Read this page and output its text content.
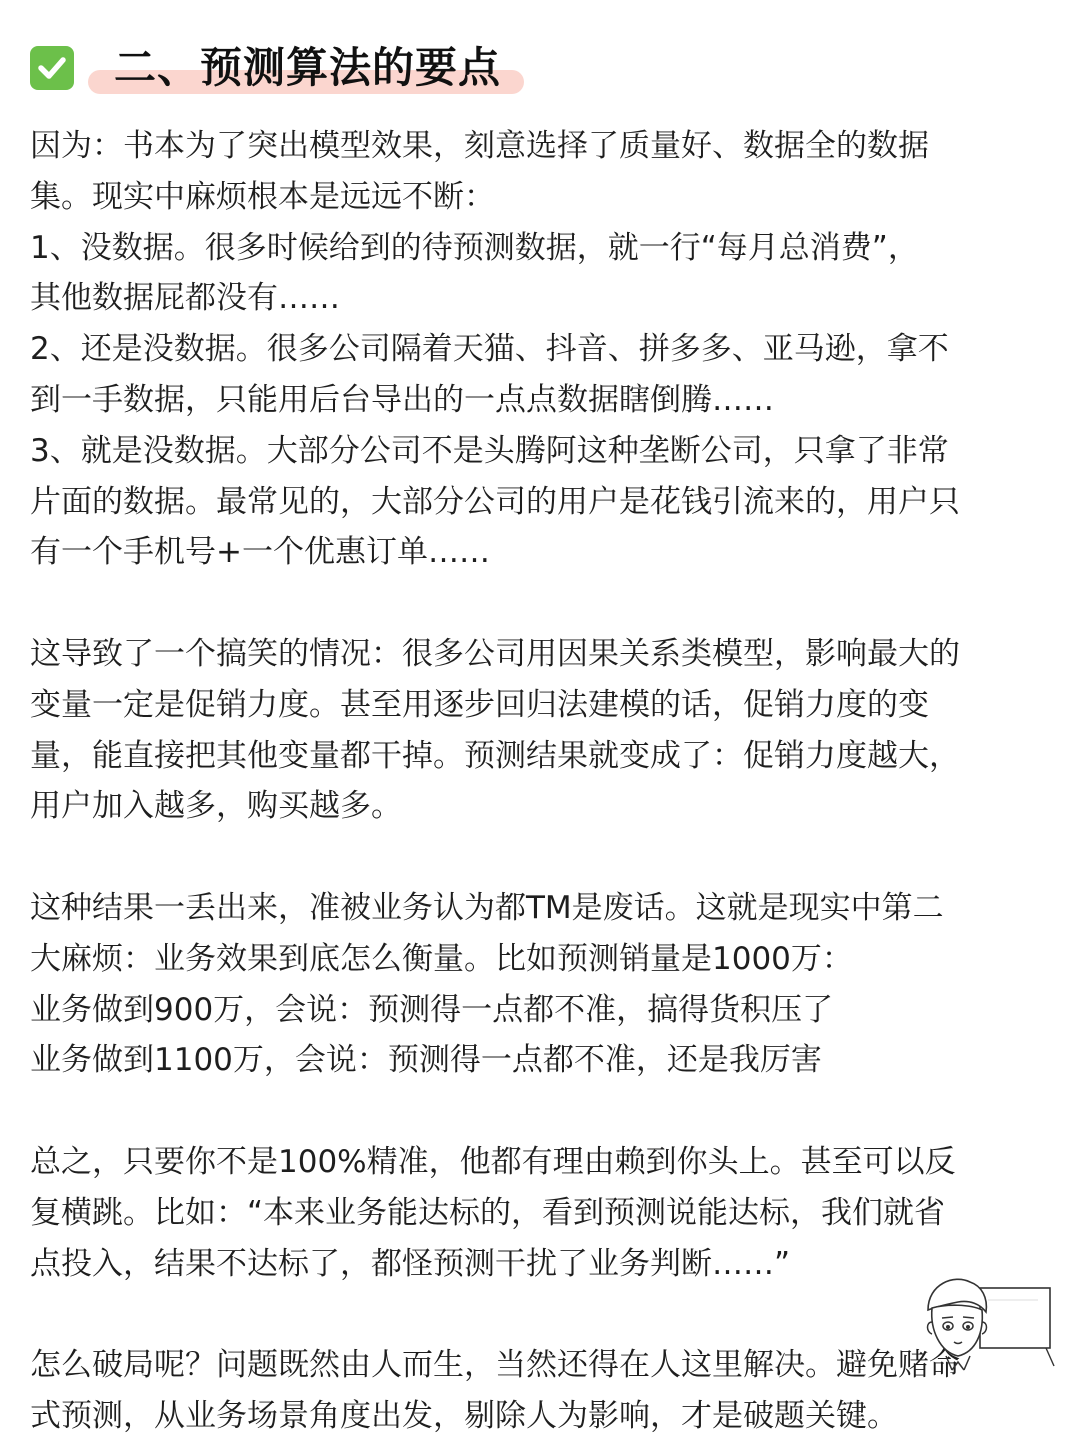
二、预测算法的要点
因为：书本为了突出模型效果，刻意选择了质量好、数据全的数据
集。现实中麻烦根本是远远不断：
1、没数据。很多时候给到的待预测数据，就一行“每月总消费”，
其他数据屁都没有……
2、还是没数据。很多公司隔着天猫、抖音、拼多多、亚马逊，拿不
到一手数据，只能用后台导出的一点点数据瞎倒腾……
3、就是没数据。大部分公司不是头腾阿这种垄断公司，只拿了非常
片面的数据。最常见的，大部分公司的用户是花钱引流来的，用户只
有一个手机号+一个优惠订单……
这导致了一个搞笑的情况：很多公司用因果关系类模型，影响最大的
变量一定是促销力度。甚至用逐步回归法建模的话，促销力度的变
量，能直接把其他变量都干掉。预测结果就变成了：促销力度越大，
用户加入越多，购买越多。
这种结果一丢出来，准被业务认为都TM是废话。这就是现实中第二
大麻烦：业务效果到底怎么衡量。比如预测销量是1000万：
业务做到900万，会说：预测得一点都不准，搞得货积压了
业务做到1100万，会说：预测得一点都不准，还是我厉害
总之，只要你不是100%精准，他都有理由赖到你头上。甚至可以反
复横跳。比如：“本来业务能达标的，看到预测说能达标，我们就省
点投入，结果不达标了，都怪预测干扰了业务判断……”
怎么破局呢？问题既然由人而生，当然还得在人这里解决。避免赌命
式预测，从业务场景角度出发，剔除人为影响，才是破题关键。
